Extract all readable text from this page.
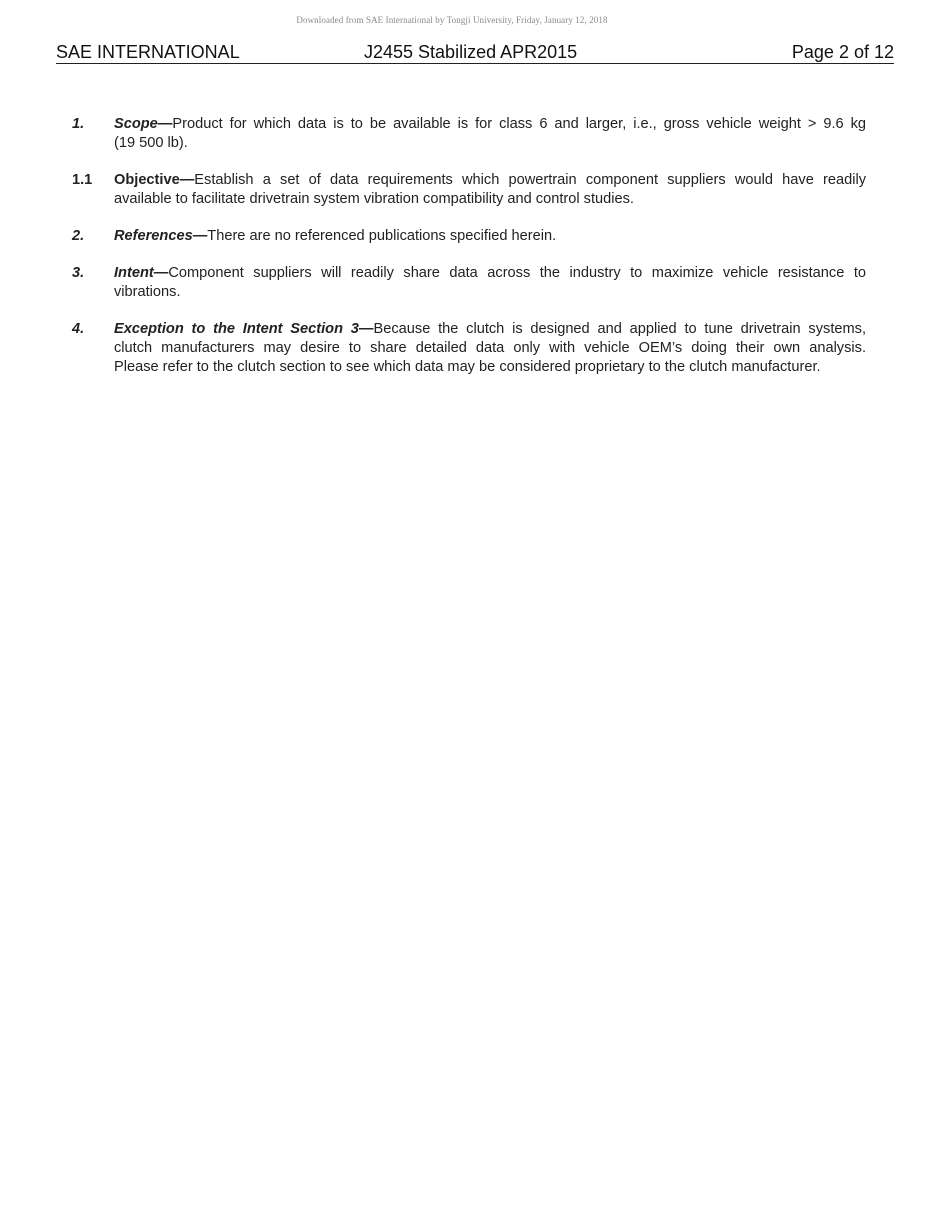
Downloaded from SAE International by Tongji University, Friday, January 12, 2018
SAE INTERNATIONAL	J2455 Stabilized APR2015	Page 2 of 12
1. Scope—Product for which data is to be available is for class 6 and larger, i.e., gross vehicle weight > 9.6 kg
(19 500 lb).
1.1 Objective—Establish a set of data requirements which powertrain component suppliers would have readily
available to facilitate drivetrain system vibration compatibility and control studies.
2. References—There are no referenced publications specified herein.
3. Intent—Component suppliers will readily share data across the industry to maximize vehicle resistance to
vibrations.
4. Exception to the Intent Section 3—Because the clutch is designed and applied to tune drivetrain systems,
clutch manufacturers may desire to share detailed data only with vehicle OEM’s doing their own analysis.
Please refer to the clutch section to see which data may be considered proprietary to the clutch manufacturer.
